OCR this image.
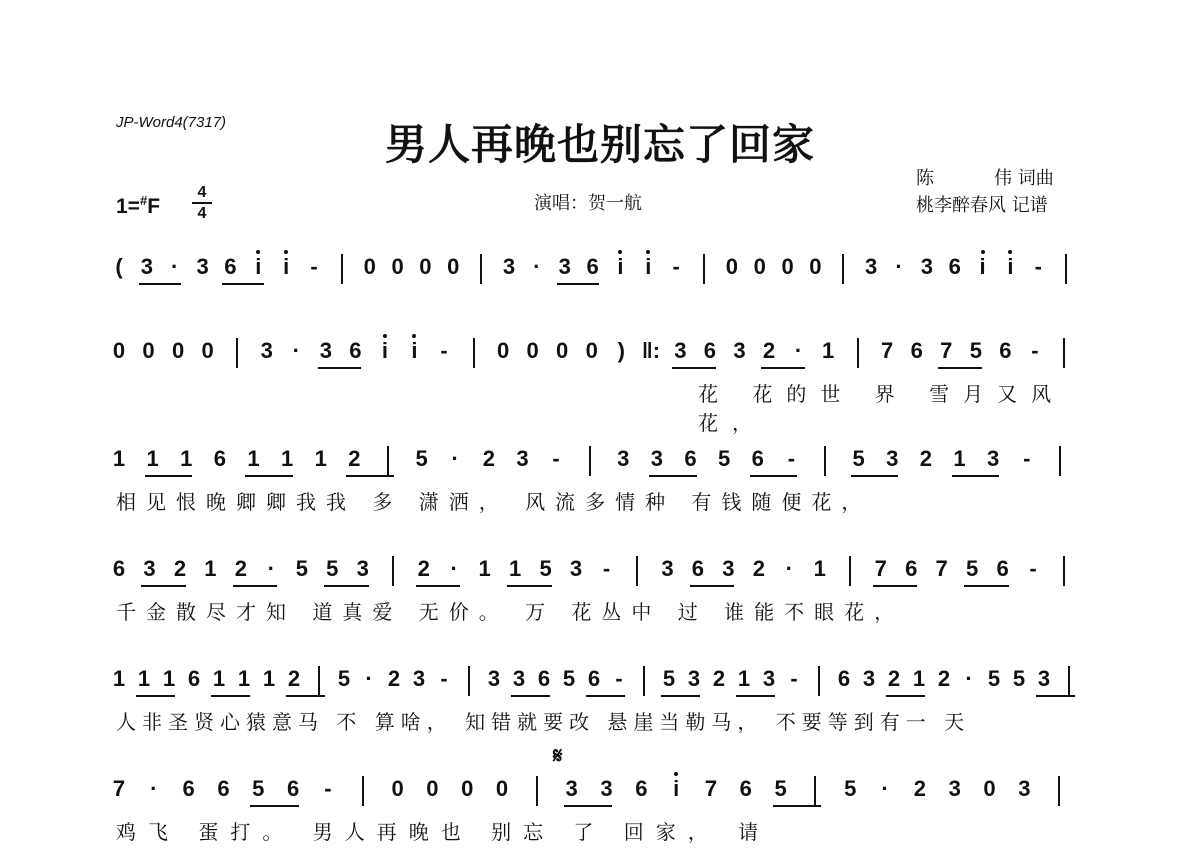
JP-Word4(7317)	男人再晚也别忘了回家
陈	伟 词曲
桃李醉春风 记谱
演唱：贺一航
1=#F
4
4
𝄋
( 3 · 3 6 i i - 0 0 0 0 3 · 3 6 i i - 0 0 0 0 3 · 3 6 i i -
0 0 0 0 3 · 3 6 i i - 0 0 0 0 ) ‖: 3 6 3 2 · 1 7 6 7 5 6 -
花 花的世 界 雪月又风花，
1 1 1 6 1 1 1 2 5 · 2 3 -	3 3 6 5 6 -	5 3 2 1 3 -
相见恨晚卿卿我我 多 潇洒， 风流多情种 有钱随便花，
6 3 2 1 2 · 5 5 3 2 · 1 1 5 3 - 3 6 3 2 · 1 7 6 7 5 6 -
千金散尽才知 道真爱 无价。 万 花丛中 过 谁能不眼花，
1 1 1 6 1 1 1 2 5 · 2 3 - 3 3 6 5 6 - 5 3 2 1 3 - 6 3 2 1 2 · 5 5 3
人非圣贤心猿意马 不 算啥， 知错就要改 悬崖当勒马， 不要等到有一 天
7 · 6 6 5 6 -	0 0 0 0	3 3 6 i 7 6 5	5 · 2 3 0 3
鸡飞 蛋打。 男人再晚也 别忘 了 回家， 请
